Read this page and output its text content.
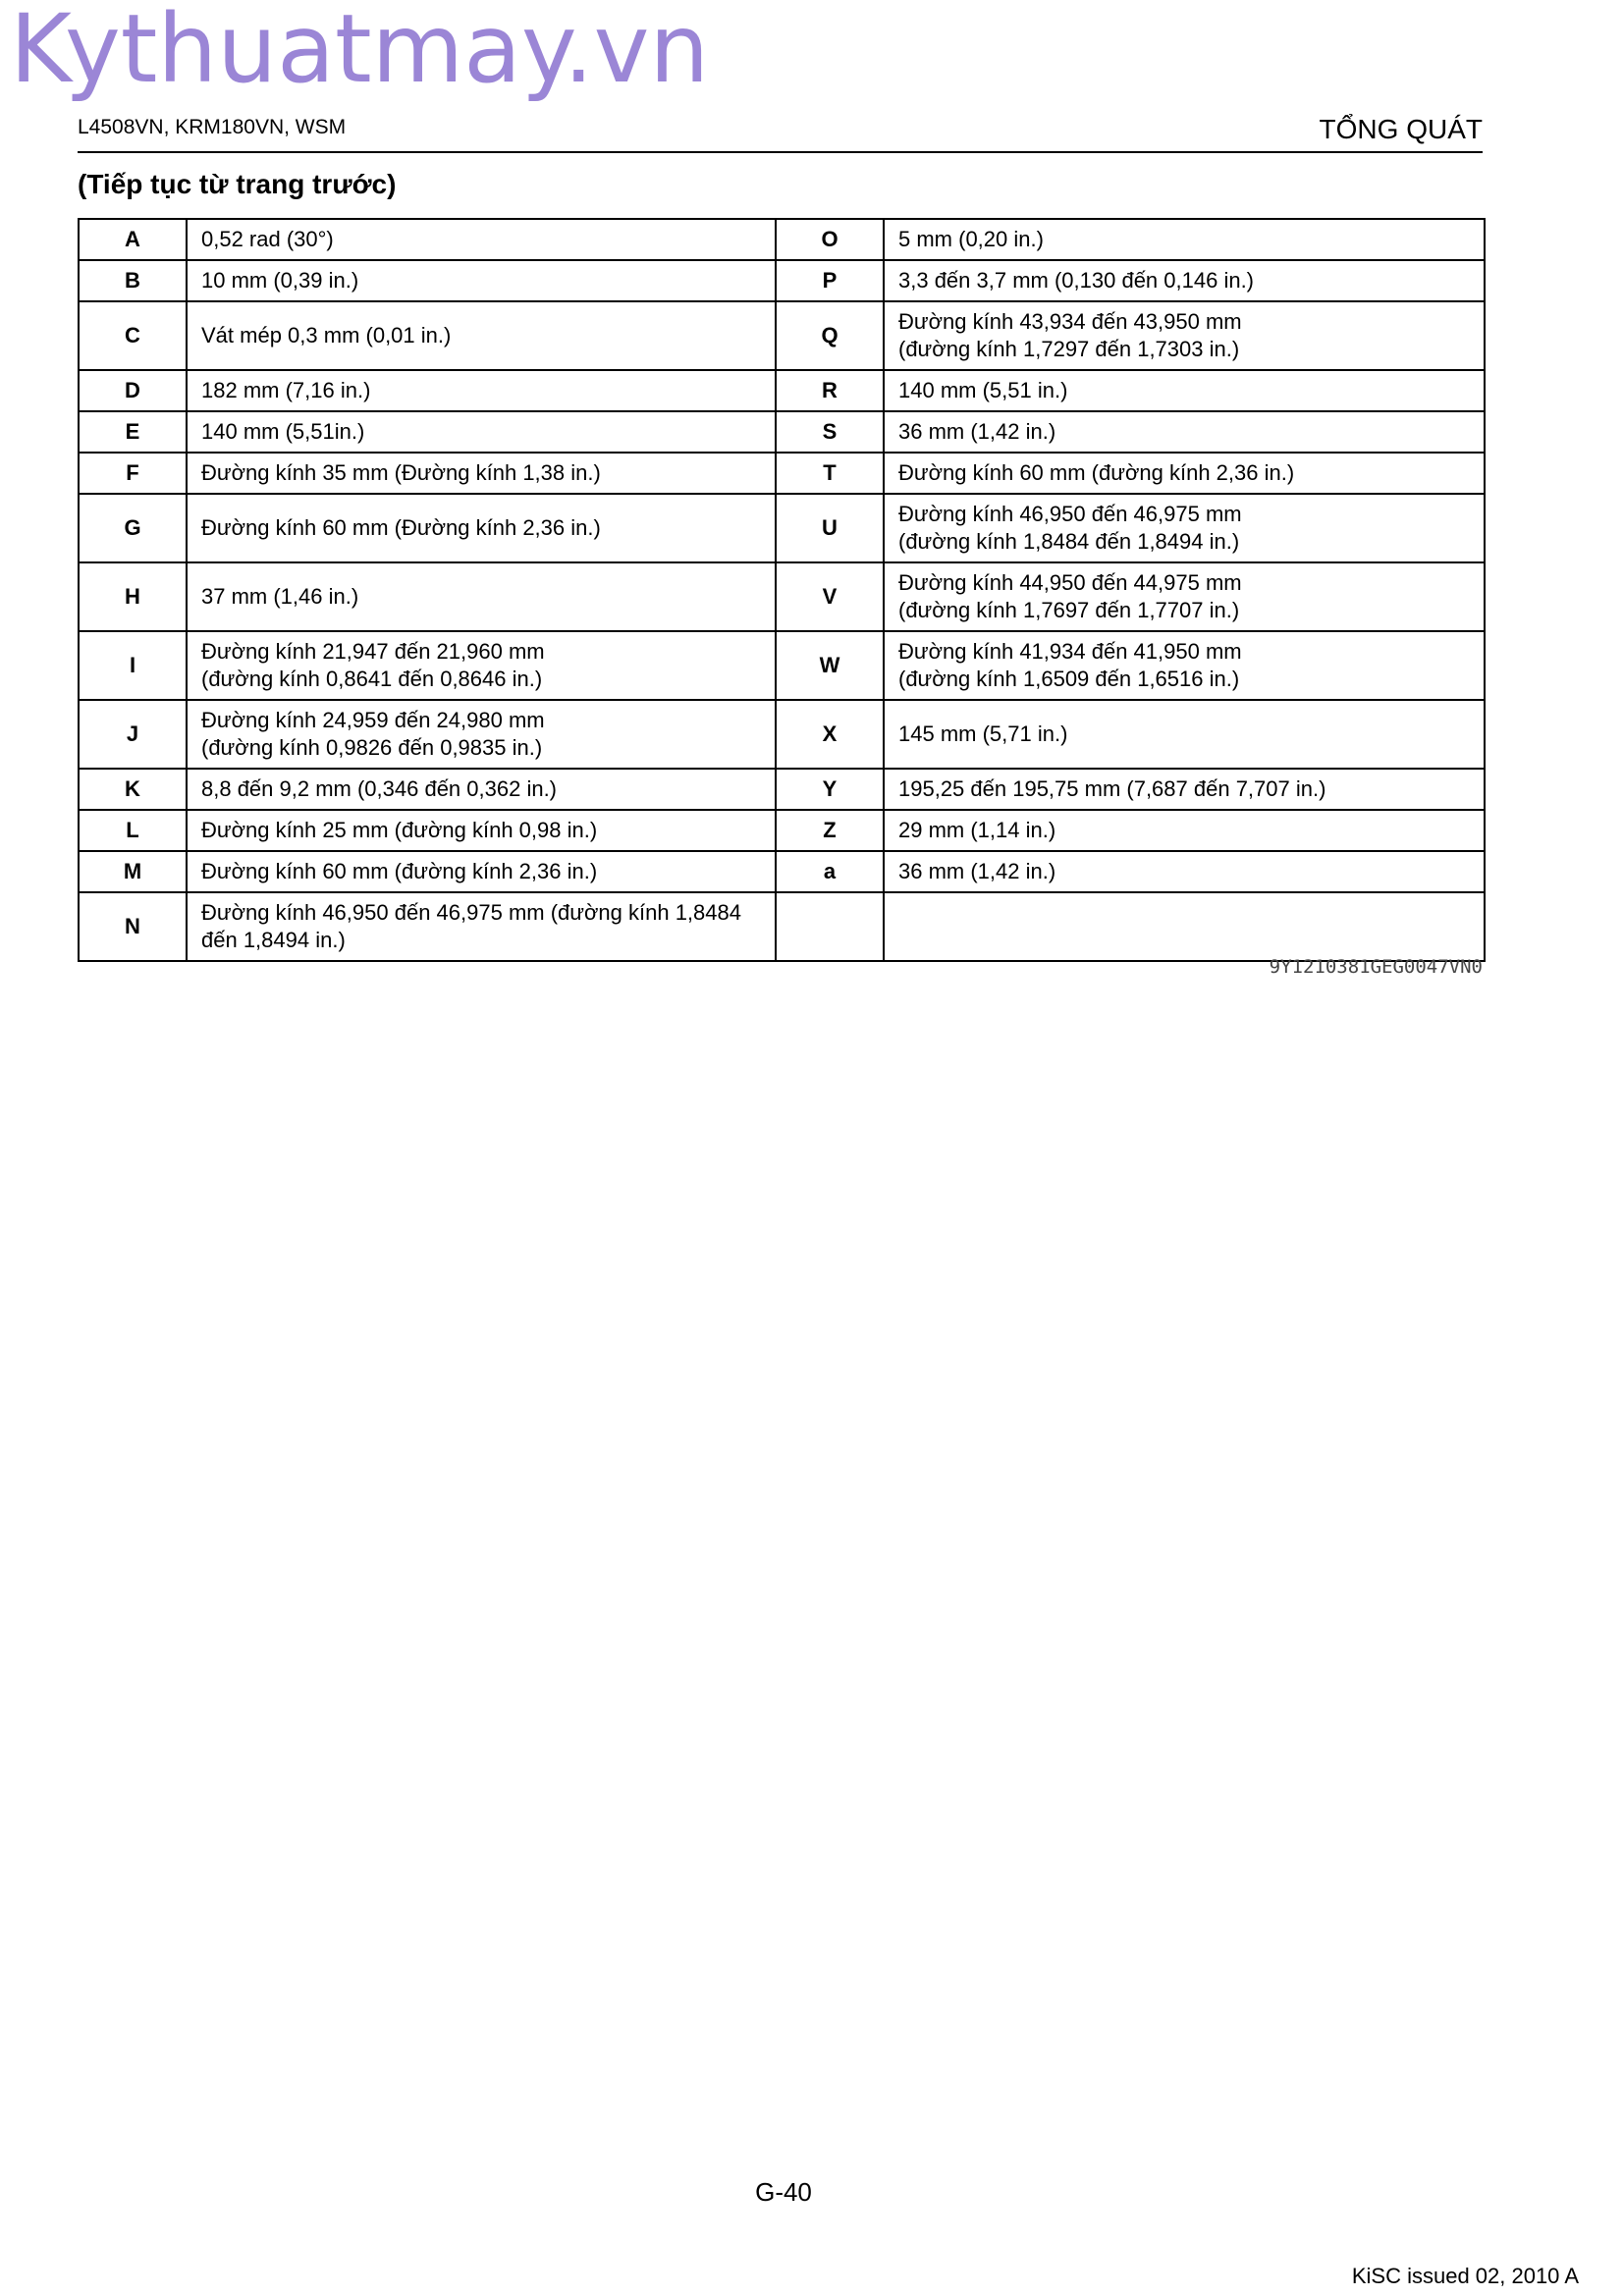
Kythuatmay.vn
L4508VN, KRM180VN, WSM	TỔNG QUÁT
(Tiếp tục từ trang trước)
A	0,52 rad (30°)	O	5 mm (0,20 in.)
B	10 mm (0,39 in.)	P	3,3 đến 3,7 mm (0,130 đến 0,146 in.)
C	Vát mép 0,3 mm (0,01 in.)	Q	Đường kính 43,934 đến 43,950 mm
(đường kính 1,7297 đến 1,7303 in.)
D	182 mm (7,16 in.)	R	140 mm (5,51 in.)
E	140 mm (5,51in.)	S	36 mm (1,42 in.)
F	Đường kính 35 mm (Đường kính 1,38 in.)	T	Đường kính 60 mm (đường kính 2,36 in.)
G	Đường kính 60 mm (Đường kính 2,36 in.)	U	Đường kính 46,950 đến 46,975 mm
(đường kính 1,8484 đến 1,8494 in.)
H	37 mm (1,46 in.)	V	Đường kính 44,950 đến 44,975 mm
(đường kính 1,7697 đến 1,7707 in.)
I	Đường kính 21,947 đến 21,960 mm
(đường kính 0,8641 đến 0,8646 in.)	W	Đường kính 41,934 đến 41,950 mm
(đường kính 1,6509 đến 1,6516 in.)
J	Đường kính 24,959 đến 24,980 mm
(đường kính 0,9826 đến 0,9835 in.)	X	145 mm (5,71 in.)
K	8,8 đến 9,2 mm (0,346 đến 0,362 in.)	Y	195,25 đến 195,75 mm (7,687 đến 7,707 in.)
L	Đường kính 25 mm (đường kính 0,98 in.)	Z	29 mm (1,14 in.)
M	Đường kính 60 mm (đường kính 2,36 in.)	a	36 mm (1,42 in.)
N	Đường kính 46,950 đến 46,975 mm (đường kính 1,8484
đến 1,8494 in.)		
9Y1210381GEG0047VN0
G-40
KiSC issued 02, 2010 A
